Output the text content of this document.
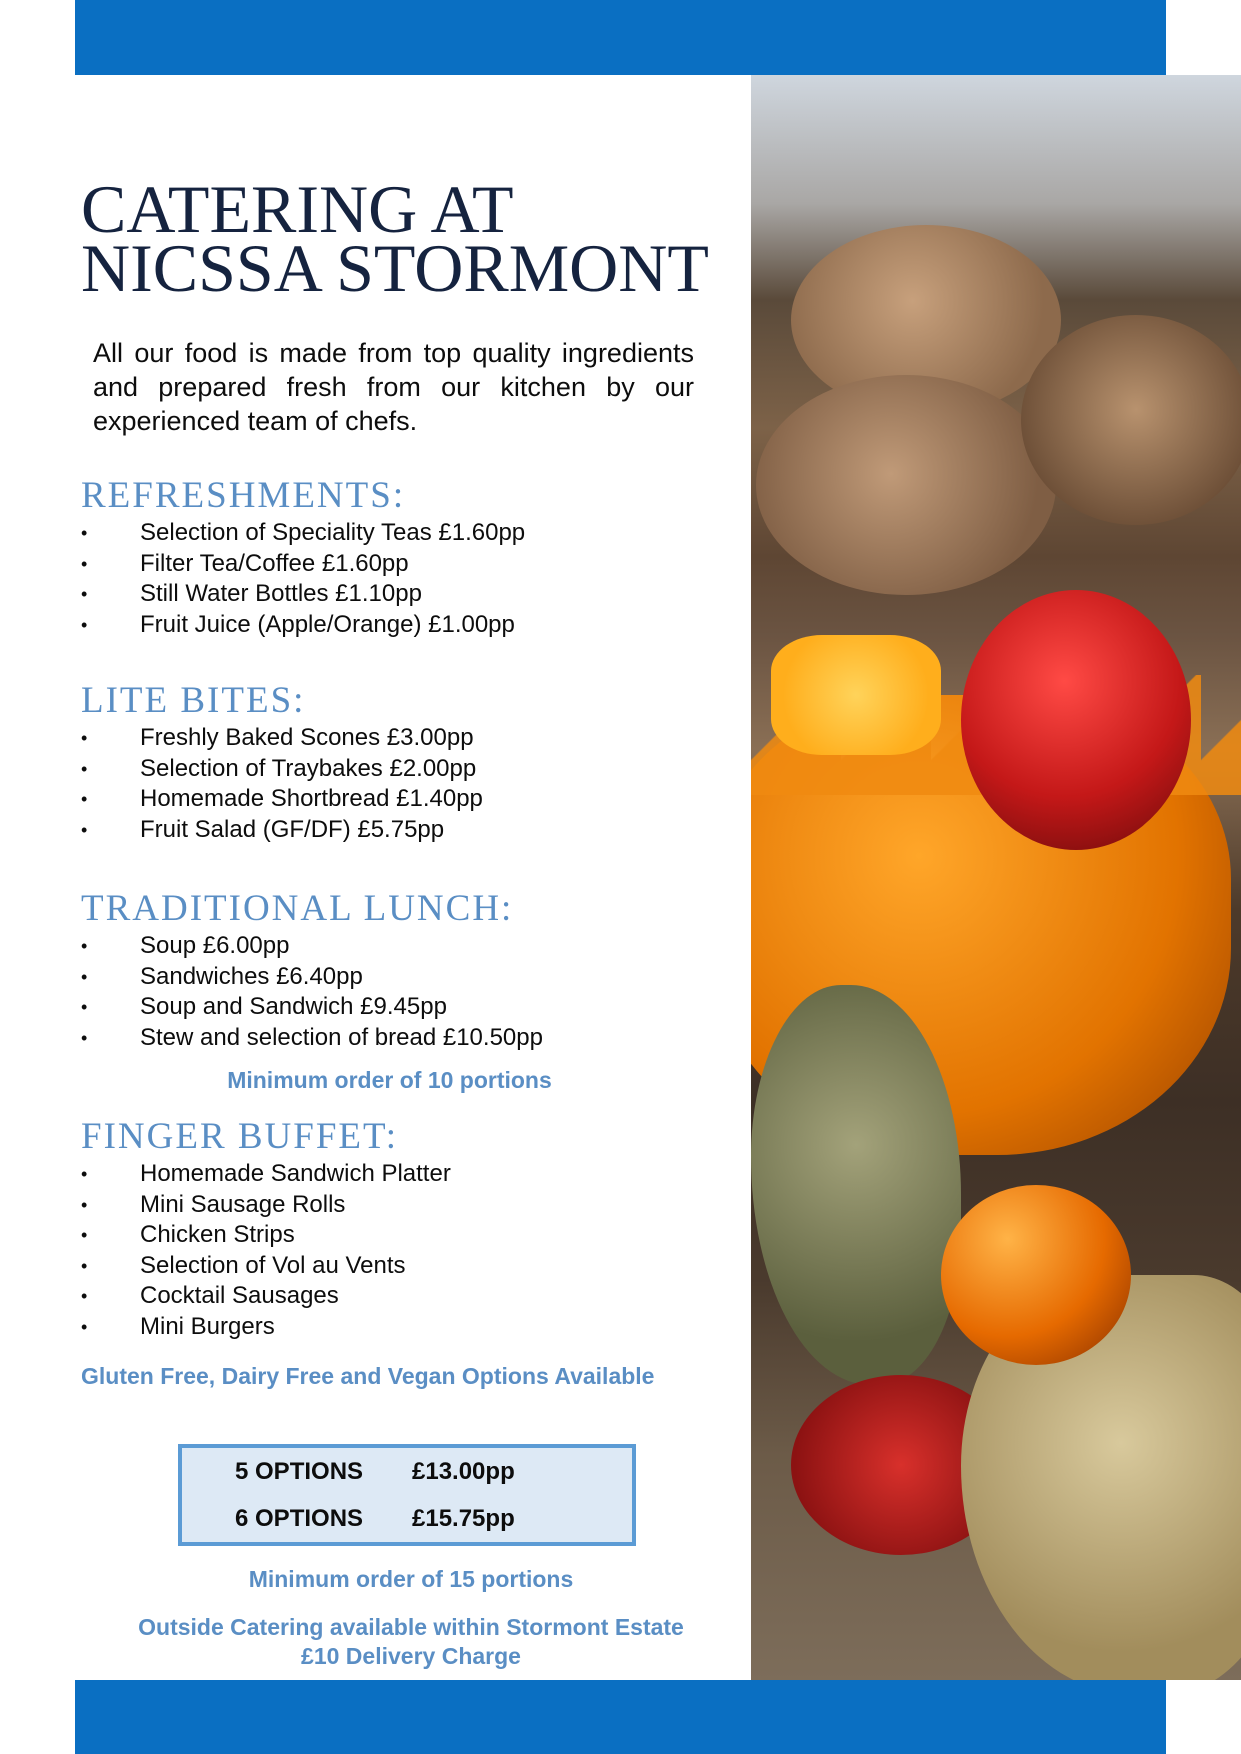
CATERING AT
NICSSA STORMONT

All our food is made from top quality ingredients and prepared fresh from our kitchen by our experienced team of chefs.

REFRESHMENTS:
• Selection of Speciality Teas £1.60pp
• Filter Tea/Coffee £1.60pp
• Still Water Bottles £1.10pp
• Fruit Juice (Apple/Orange) £1.00pp
LITE BITES:
• Freshly Baked Scones £3.00pp
• Selection of Traybakes £2.00pp
• Homemade Shortbread £1.40pp
• Fruit Salad (GF/DF) £5.75pp
TRADITIONAL LUNCH:
• Soup £6.00pp
• Sandwiches £6.40pp
• Soup and Sandwich £9.45pp
• Stew and selection of bread £10.50pp
Minimum order of 10 portions
FINGER BUFFET:
• Homemade Sandwich Platter
• Mini Sausage Rolls
• Chicken Strips
• Selection of Vol au Vents
• Cocktail Sausages
• Mini Burgers
Gluten Free, Dairy Free and Vegan Options Available
5 OPTIONS	£13.00pp
6 OPTIONS	£15.75pp
Minimum order of 15 portions
Outside Catering available within Stormont Estate
£10 Delivery Charge
